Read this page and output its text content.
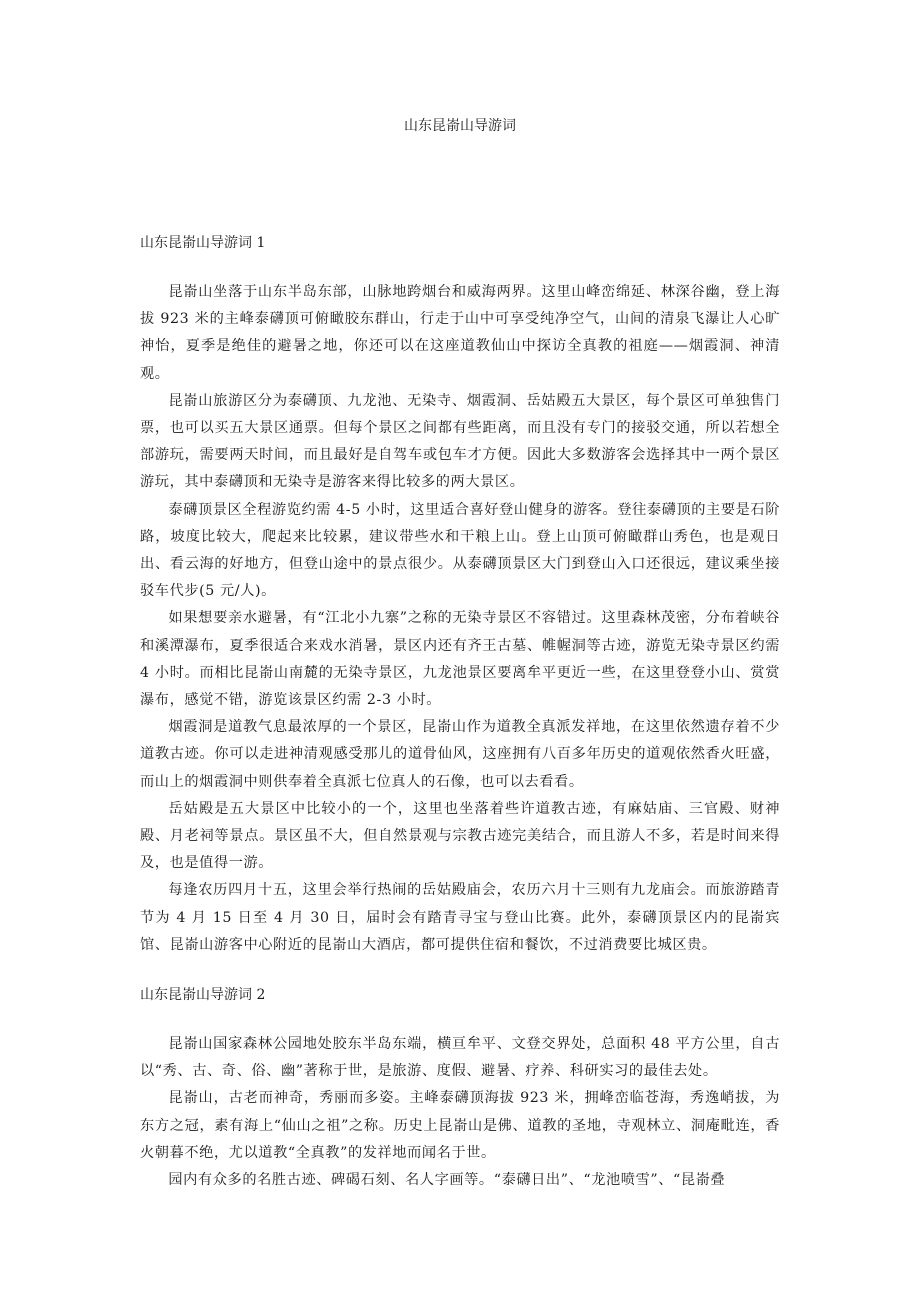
山东昆嵛山导游词
山东昆嵛山导游词 1

昆嵛山坐落于山东半岛东部，山脉地跨烟台和威海两界。这里山峰峦绵延、林深谷幽，登上海拔 923 米的主峰泰礴顶可俯瞰胶东群山，行走于山中可享受纯净空气，山间的清泉飞瀑让人心旷神怡，夏季是绝佳的避暑之地，你还可以在这座道教仙山中探访全真教的祖庭——烟霞洞、神清观。

昆嵛山旅游区分为泰礴顶、九龙池、无染寺、烟霞洞、岳姑殿五大景区，每个景区可单独售门票，也可以买五大景区通票。但每个景区之间都有些距离，而且没有专门的接驳交通，所以若想全部游玩，需要两天时间，而且最好是自驾车或包车才方便。因此大多数游客会选择其中一两个景区游玩，其中泰礴顶和无染寺是游客来得比较多的两大景区。

泰礴顶景区全程游览约需 4-5 小时，这里适合喜好登山健身的游客。登往泰礴顶的主要是石阶路，坡度比较大，爬起来比较累，建议带些水和干粮上山。登上山顶可俯瞰群山秀色，也是观日出、看云海的好地方，但登山途中的景点很少。从泰礴顶景区大门到登山入口还很远，建议乘坐接驳车代步(5 元/人)。

如果想要亲水避暑，有“江北小九寨”之称的无染寺景区不容错过。这里森林茂密，分布着峡谷和溪潭瀑布，夏季很适合来戏水消暑，景区内还有齐王古墓、帷幄洞等古迹，游览无染寺景区约需 4 小时。而相比昆嵛山南麓的无染寺景区，九龙池景区要离牟平更近一些，在这里登登小山、赏赏瀑布，感觉不错，游览该景区约需 2-3 小时。

烟霞洞是道教气息最浓厚的一个景区，昆嵛山作为道教全真派发祥地，在这里依然遗存着不少道教古迹。你可以走进神清观感受那儿的道骨仙风，这座拥有八百多年历史的道观依然香火旺盛，而山上的烟霞洞中则供奉着全真派七位真人的石像，也可以去看看。

岳姑殿是五大景区中比较小的一个，这里也坐落着些许道教古迹，有麻姑庙、三官殿、财神殿、月老祠等景点。景区虽不大，但自然景观与宗教古迹完美结合，而且游人不多，若是时间来得及，也是值得一游。

每逢农历四月十五，这里会举行热闹的岳姑殿庙会，农历六月十三则有九龙庙会。而旅游踏青节为 4 月 15 日至 4 月 30 日，届时会有踏青寻宝与登山比赛。此外，泰礴顶景区内的昆嵛宾馆、昆嵛山游客中心附近的昆嵛山大酒店，都可提供住宿和餐饮，不过消费要比城区贵。

山东昆嵛山导游词 2

昆嵛山国家森林公园地处胶东半岛东端，横亘牟平、文登交界处，总面积 48 平方公里，自古以“秀、古、奇、俗、幽”著称于世，是旅游、度假、避暑、疗养、科研实习的最佳去处。

昆嵛山，古老而神奇，秀丽而多姿。主峰泰礴顶海拔 923 米，拥峰峦临苍海，秀逸峭拔，为东方之冠，素有海上“仙山之祖”之称。历史上昆嵛山是佛、道教的圣地，寺观林立、洞庵毗连，香火朝暮不绝，尤以道教“全真教”的发祥地而闻名于世。

园内有众多的名胜古迹、碑碣石刻、名人字画等。“泰礴日出”、“龙池喷雪”、“昆嵛叠
